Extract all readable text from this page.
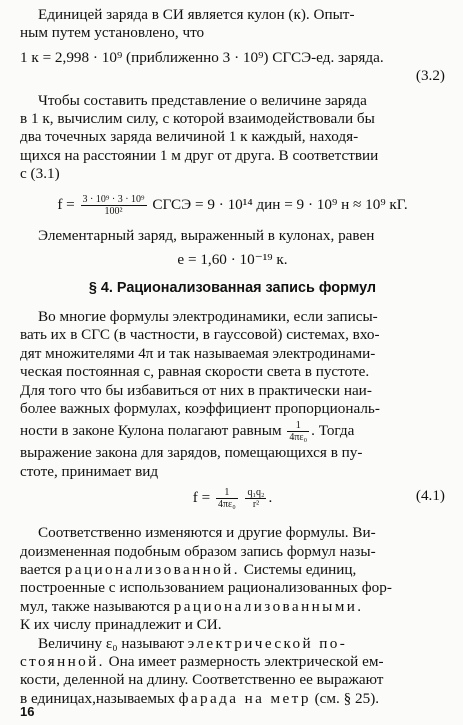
Единицей заряда в СИ является кулон (к). Опыт-

ным путем установлено, что

1 к = 2,998 · 10⁹ (приближенно 3 · 10⁹) СГСЭ-ед. заряда.

(3.2)

Чтобы составить представление о величине заряда

в 1 к, вычислим силу, с которой взаимодействовали бы

два точечных заряда величиной 1 к каждый, находя-

щихся на расстоянии 1 м друг от друга. В соответствии

с (3.1)

$f = \frac{\text{3 · 10⁹ · 3 · 10⁹}}{\text{100²}}$ СГСЭ = 9 · 10¹⁴ дин = 9 · 10⁹ н ≈ 10⁹ кГ.

Элементарный заряд, выраженный в кулонах, равен

e = 1,60 · 10⁻¹⁹ к.

§ 4. Рационализованная запись формул

Во многие формулы электродинамики, если записы-

вать их в СГС (в частности, в гауссовой) системах, вхо-

дят множителями 4π и так называемая электродинами-

ческая постоянная c, равная скорости света в пустоте.

Для того что бы избавиться от них в практически наи-

более важных формулах, коэффициент пропорциональ-

ности в законе Кулона полагают равным $\frac{1}{\text{4πε₀}}$ . Тогда

выражение закона для зарядов, помещающихся в пу-

стоте, принимает вид

$f = \frac{1}{\text{4πε₀}}$
$\frac{\text{q₁q₂}}{\text{r²}}$ .	(4.1)

Соответственно изменяются и другие формулы. Ви-

доизмененная подобным образом запись формул назы-

вается рационализованной. Системы единиц,

построенные с использованием рационализованных фор-

мул, также называются рационализованными.

К их числу принадлежит и СИ.

Величину ε₀ называют электрической по-

стоянной. Она имеет размерность электрической ем-

кости, деленной на длину. Соответственно ее выражают

в единицах,называемых фарада на метр (см. § 25).

16
